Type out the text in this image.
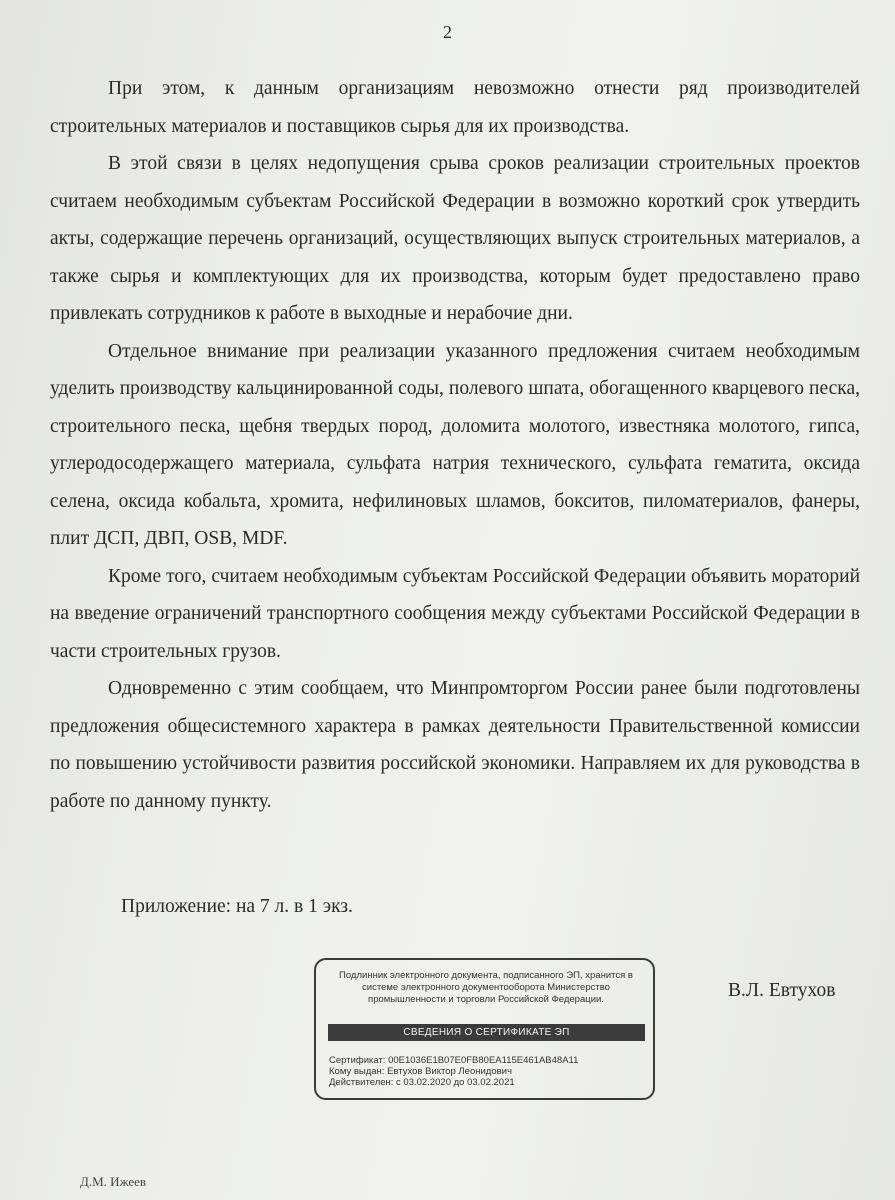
2

При этом, к данным организациям невозможно отнести ряд производителей строительных материалов и поставщиков сырья для их производства.

В этой связи в целях недопущения срыва сроков реализации строительных проектов считаем необходимым субъектам Российской Федерации в возможно короткий срок утвердить акты, содержащие перечень организаций, осуществляющих выпуск строительных материалов, а также сырья и комплектующих для их производства, которым будет предоставлено право привлекать сотрудников к работе в выходные и нерабочие дни.

Отдельное внимание при реализации указанного предложения считаем необходимым уделить производству кальцинированной соды, полевого шпата, обогащенного кварцевого песка, строительного песка, щебня твердых пород, доломита молотого, известняка молотого, гипса, углеродосодержащего материала, сульфата натрия технического, сульфата гематита, оксида селена, оксида кобальта, хромита, нефилиновых шламов, бокситов, пиломатериалов, фанеры, плит ДСП, ДВП, OSB, MDF.

Кроме того, считаем необходимым субъектам Российской Федерации объявить мораторий на введение ограничений транспортного сообщения между субъектами Российской Федерации в части строительных грузов.

Одновременно с этим сообщаем, что Минпромторгом России ранее были подготовлены предложения общесистемного характера в рамках деятельности Правительственной комиссии по повышению устойчивости развития российской экономики. Направляем их для руководства в работе по данному пункту.

Приложение: на 7 л. в 1 экз.
Подлинник электронного документа, подписанного ЭП, хранится в системе электронного документооборота Министерство промышленности и торговли Российской Федерации.
СВЕДЕНИЯ О СЕРТИФИКАТЕ ЭП
Сертификат: 00E1036E1B07E0FB80EA115E461AB48A11
Кому выдан: Евтухов Виктор Леонидович
Действителен: с 03.02.2020 до 03.02.2021
В.Л. Евтухов
Д.М. Ижеев
